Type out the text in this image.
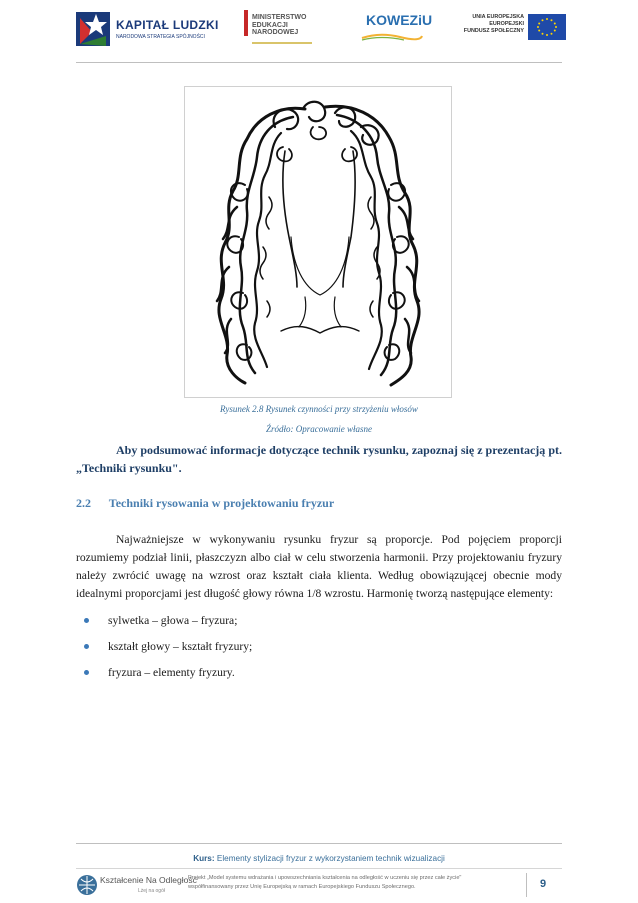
KAPITAŁ LUDZKI
NARODOWA STRATEGIA SPÓJNOŚCI
MINISTERSTWO
EDUKACJI
NARODOWEJ
KOWEZiU	UNIA EUROPEJSKA
EUROPEJSKI
FUNDUSZ SPOŁECZNY
Rysunek 2.8 Rysunek czynności przy strzyżeniu włosów
Źródło: Opracowanie własne

Aby podsumować informacje dotyczące technik rysunku, zapoznaj się z prezentacją pt. „Techniki rysunku".

2.2 Techniki rysowania w projektowaniu fryzur

Najważniejsze w wykonywaniu rysunku fryzur są proporcje. Pod pojęciem proporcji rozumiemy podział linii, płaszczyzn albo ciał w celu stworzenia harmonii. Przy projektowaniu fryzury należy zwrócić uwagę na wzrost oraz kształt ciała klienta. Według obowiązującej obecnie mody idealnymi proporcjami jest długość głowy równa 1/8 wzrostu. Harmonię tworzą następujące elementy:

sylwetka – głowa – fryzura;
kształt głowy – kształt fryzury;
fryzura – elementy fryzury.
Kurs: Elementy stylizacji fryzur z wykorzystaniem technik wizualizacji
Kształcenie Na Odległość
Lżej na ogół
Projekt „Model systemu wdrażania i upowszechniania kształcenia na odległość w uczeniu się przez całe życie"
współfinansowany przez Unię Europejską w ramach Europejskiego Funduszu Społecznego.	9
